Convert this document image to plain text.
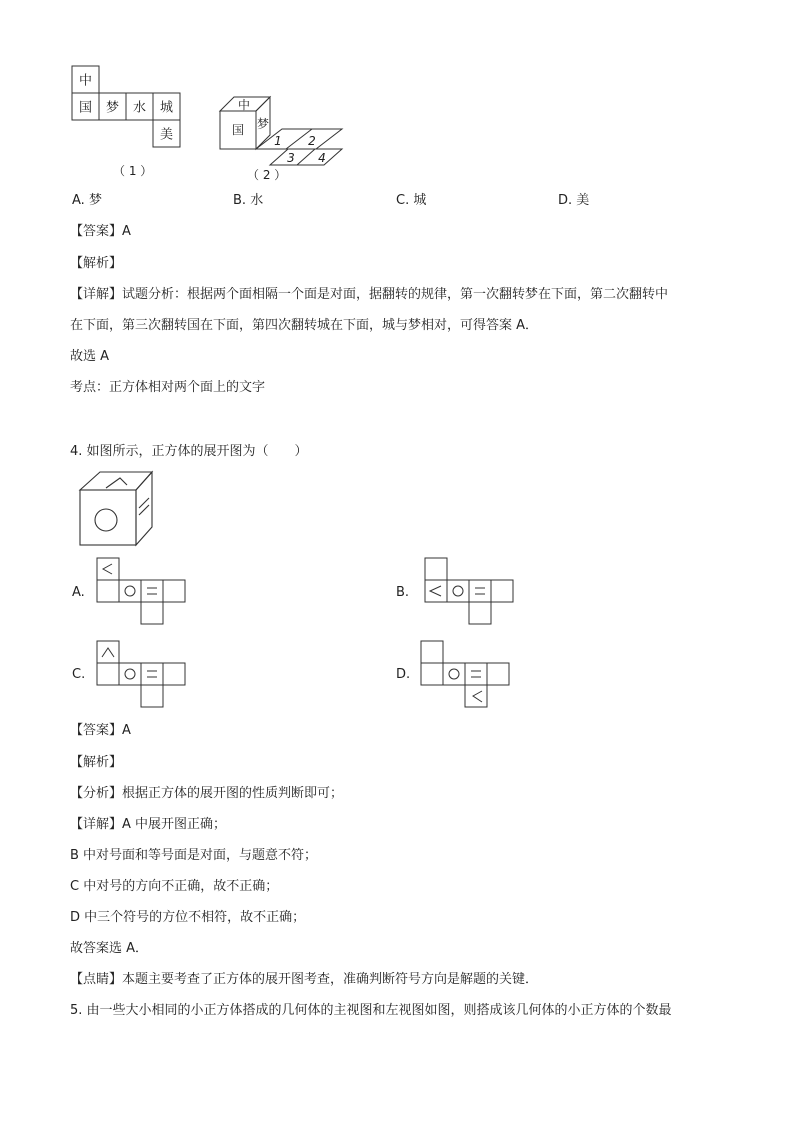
中
国 梦 水 城
美
（ 1 ）
中
国 梦
1 2
3 4
（ 2 ）
A. 梦	B. 水	C. 城	D. 美
【答案】A
【解析】
【详解】试题分析：根据两个面相隔一个面是对面，据翻转的规律，第一次翻转梦在下面，第二次翻转中
在下面，第三次翻转国在下面，第四次翻转城在下面，城与梦相对，可得答案 A．
故选 A
考点：正方体相对两个面上的文字
4. 如图所示，正方体的展开图为（　　）
A.	B.
C.	D.
【答案】A
【解析】
【分析】根据正方体的展开图的性质判断即可；
【详解】A 中展开图正确；
B 中对号面和等号面是对面，与题意不符；
C 中对号的方向不正确，故不正确；
D 中三个符号的方位不相符，故不正确；
故答案选 A．
【点睛】本题主要考查了正方体的展开图考查，准确判断符号方向是解题的关键．
5. 由一些大小相同的小正方体搭成的几何体的主视图和左视图如图，则搭成该几何体的小正方体的个数最
